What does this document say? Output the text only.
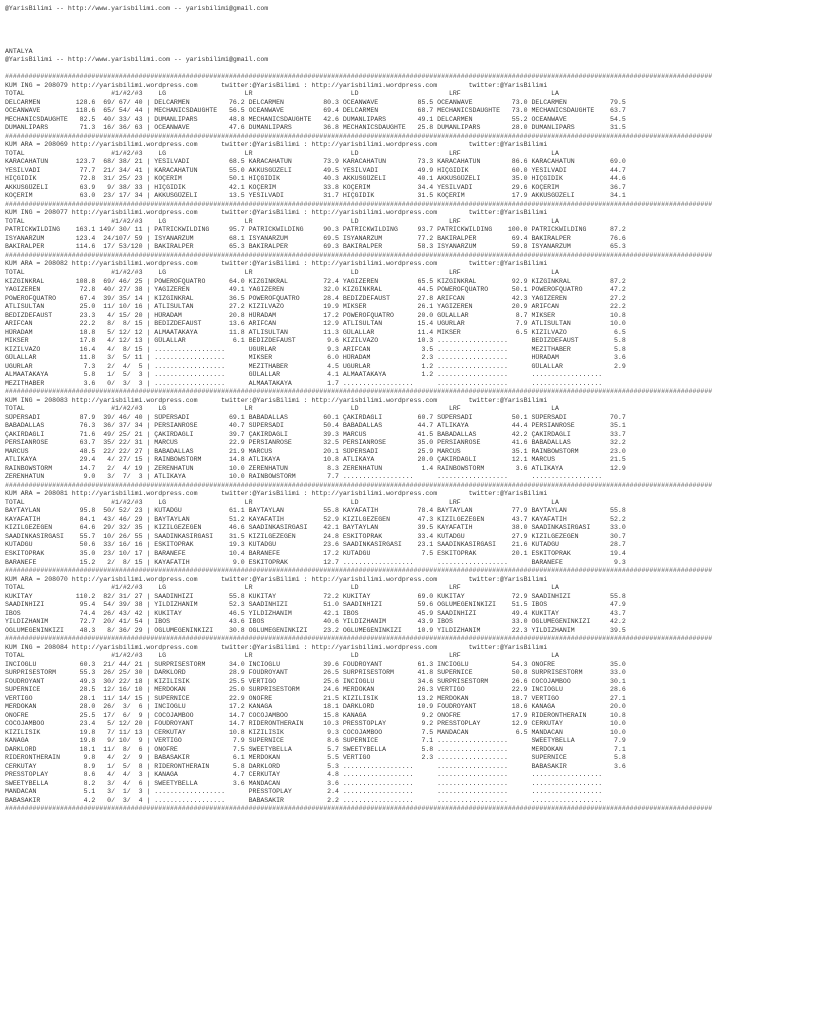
@YarisBilimi -- http://www.yarisbilimi.com -- yarisbilimi@gmail.com
ANTALYA
@YarisBilimi -- http://www.yarisbilimi.com -- yarisbilimi@gmail.com
####################################################################################################################################################################################
KUM ING = 208079 http://yarisbilimi.wordpress.com      twitter:@YarisBilimi : http://yarisbilimi.wordpress.com        twitter:@YarisBilimi
TOTAL                      #1/#2/#3    LG                    LR                         LD                       LRF                       LA
DELCARMEN         128.6  69/ 67/ 40 | DELCARMEN          76.2 DELCARMEN          80.3 OCEANWAVE          85.5 OCEANWAVE          73.0 DELCARMEN           79.5
OCEANWAVE         118.6  65/ 54/ 44 | MECHANICSDAUGHTE   56.5 OCEANWAVE          69.4 DELCARMEN          68.7 MECHANICSDAUGHTE   73.0 MECHANICSDAUGHTE    63.7
MECHANICSDAUGHTE   82.5  40/ 33/ 43 | DUMANLIPARS        48.8 MECHANICSDAUGHTE   42.6 DUMANLIPARS        49.1 DELCARMEN          55.2 OCEANWAVE           54.5
DUMANLIPARS        71.3  16/ 36/ 63 | OCEANWAVE          47.6 DUMANLIPARS        36.8 MECHANICSDAUGHTE   25.8 DUMANLIPARS        28.0 DUMANLIPARS         31.5
####################################################################################################################################################################################
KUM ARA = 208069 http://yarisbilimi.wordpress.com      twitter:@YarisBilimi : http://yarisbilimi.wordpress.com        twitter:@YarisBilimi
TOTAL                      #1/#2/#3    LG                    LR                         LD                       LRF                       LA
KARACAHATUN       123.7  68/ 38/ 21 | YESILVADI          68.5 KARACAHATUN        73.9 KARACAHATUN        73.3 KARACAHATUN        86.6 KARACAHATUN         69.0
YESILVADI          77.7  21/ 34/ 41 | KARACAHATUN        55.0 AKKUSGÜZELI        49.5 YESILVADI          49.9 HIÇGIDIK           60.0 YESILVADI           44.7
HIÇGIDIK           72.8  31/ 25/ 23 | KOÇERIM            50.1 HIÇGIDIK           40.3 AKKUSGÜZELI        40.1 AKKUSGÜZELI        35.0 HIÇGIDIK            44.6
AKKUSGÜZELI        63.9   9/ 38/ 33 | HIÇGIDIK           42.1 KOÇERIM            33.8 KOÇERIM            34.4 YESILVADI          29.6 KOÇERIM             36.7
KOÇERIM            63.0  23/ 17/ 34 | AKKUSGÜZELI        13.5 YESILVADI          31.7 HIÇGIDIK           31.5 KOÇERIM            17.9 AKKUSGÜZELI         34.1
####################################################################################################################################################################################
KUM ING = 208077 http://yarisbilimi.wordpress.com      twitter:@YarisBilimi : http://yarisbilimi.wordpress.com        twitter:@YarisBilimi
TOTAL                      #1/#2/#3    LG                    LR                         LD                       LRF                       LA
PATRICKWILDING    163.1 149/ 30/ 11 | PATRICKWILDING     95.7 PATRICKWILDING     90.3 PATRICKWILDING     93.7 PATRICKWILDING    100.0 PATRICKWILDING      87.2
ISYANARZUM        123.4  24/107/ 59 | ISYANARZUM         68.1 ISYANARZUM         69.5 ISYANARZUM         77.2 BAKIRALPER         69.4 BAKIRALPER          76.6
BAKIRALPER        114.6  17/ 53/120 | BAKIRALPER         65.3 BAKIRALPER         69.3 BAKIRALPER         58.3 ISYANARZUM         59.8 ISYANARZUM          65.3
####################################################################################################################################################################################
KUM ARA = 208082 http://yarisbilimi.wordpress.com      twitter:@YarisBilimi : http://yarisbilimi.wordpress.com        twitter:@YarisBilimi
TOTAL                      #1/#2/#3    LG                    LR                         LD                       LRF                       LA
KIZGINKRAL        108.8  69/ 46/ 25 | POWEROFQUATRO      64.0 KIZGINKRAL         72.4 YAGIZEREN          65.5 KIZGINKRAL         92.9 KIZGINKRAL          87.2
YAGIZEREN          72.8  40/ 27/ 38 | YAGIZEREN          49.1 YAGIZEREN          32.0 KIZGINKRAL         44.5 POWEROFQUATRO      50.1 POWEROFQUATRO       47.2
POWEROFQUATRO      67.4  39/ 35/ 14 | KIZGINKRAL         36.5 POWEROFQUATRO      28.4 BEDIZDEFAUST       27.8 ARIFCAN            42.3 YAGIZEREN           27.2
ATLISULTAN         25.0  11/ 10/ 16 | ATLISULTAN         27.2 KIZILVAZO          19.9 MIKSER             26.1 YAGIZEREN          20.9 ARIFCAN             22.2
BEDIZDEFAUST       23.3   4/ 15/ 20 | HÜRADAM            20.8 HÜRADAM            17.2 POWEROFQUATRO      20.0 GÜLALLAR            8.7 MIKSER              10.8
ARIFCAN            22.2   8/  8/ 15 | BEDIZDEFAUST       13.6 ARIFCAN            12.9 ATLISULTAN         15.4 UGURLAR             7.9 ATLISULTAN          10.0
HÜRADAM            18.8   5/ 12/ 12 | ALMAATAKAYA        11.8 ATLISULTAN         11.3 GÜLALLAR           11.4 MIKSER              6.5 KIZILVAZO            6.5
MIKSER             17.8   4/ 12/ 13 | GÜLALLAR            6.1 BEDIZDEFAUST        9.6 KIZILVAZO          10.3 ..................      BEDIZDEFAUST         5.8
KIZILVAZO          16.4   4/  8/ 15 | ..................      UGURLAR             9.3 ARIFCAN             3.5 ..................      MEZITHABER           5.8
GÜLALLAR           11.8   3/  5/ 11 | ..................      MIKSER              6.0 HÜRADAM             2.3 ..................      HÜRADAM              3.6
UGURLAR             7.3   2/  4/  5 | ..................      MEZITHABER          4.5 UGURLAR             1.2 ..................      GÜLALLAR             2.9
ALMAATAKAYA         5.8   1/  5/  3 | ..................      GÜLALLAR            4.1 ALMAATAKAYA         1.2 ..................      ..................
MEZITHABER          3.6   0/  3/  3 | ..................      ALMAATAKAYA         1.7 ..................      ..................      ..................
####################################################################################################################################################################################
KUM ING = 208083 http://yarisbilimi.wordpress.com      twitter:@YarisBilimi : http://yarisbilimi.wordpress.com        twitter:@YarisBilimi
TOTAL                      #1/#2/#3    LG                    LR                         LD                       LRF                       LA
SÜPERSADI          87.9  39/ 46/ 40 | SÜPERSADI          69.1 BABADALLAS         60.1 ÇAKIRDAGLI         60.7 SÜPERSADI          50.1 SÜPERSADI           70.7
BABADALLAS         76.3  36/ 37/ 34 | PERSIANROSE        40.7 SÜPERSADI          50.4 BABADALLAS         44.7 ATLIKAYA           44.4 PERSIANROSE         35.1
ÇAKIRDAGLI         71.6  49/ 25/ 21 | ÇAKIRDAGLI         39.7 ÇAKIRDAGLI         39.3 MARCUS             41.5 BABADALLAS         42.2 ÇAKIRDAGLI          33.7
PERSIANROSE        63.7  35/ 22/ 31 | MARCUS             22.9 PERSIANROSE        32.5 PERSIANROSE        35.0 PERSIANROSE        41.6 BABADALLAS          32.2
MARCUS             48.5  22/ 22/ 27 | BABADALLAS         21.9 MARCUS             20.1 SÜPERSADI          25.9 MARCUS             35.1 RAINBOWSTORM        23.0
ATLIKAYA           29.4   4/ 27/ 15 | RAINBOWSTORM       14.8 ATLIKAYA           10.8 ATLIKAYA           20.0 ÇAKIRDAGLI         12.1 MARCUS              21.5
RAINBOWSTORM       14.7   2/  4/ 19 | ZERENHATUN         10.0 ZERENHATUN          8.3 ZERENHATUN          1.4 RAINBOWSTORM        3.6 ATLIKAYA            12.9
ZERENHATUN          9.0   3/  7/  3 | ATLIKAYA           10.0 RAINBOWSTORM        7.7 ..................      ..................      ..................
####################################################################################################################################################################################
KUM ARA = 208081 http://yarisbilimi.wordpress.com      twitter:@YarisBilimi : http://yarisbilimi.wordpress.com        twitter:@YarisBilimi
TOTAL                      #1/#2/#3    LG                    LR                         LD                       LRF                       LA
BAYTAYLAN          95.8  50/ 52/ 23 | KUTADGU            61.1 BAYTAYLAN          55.8 KAYAFATIH          78.4 BAYTAYLAN          77.9 BAYTAYLAN           55.8
KAYAFATIH          84.1  43/ 46/ 29 | BAYTAYLAN          51.2 KAYAFATIH          52.9 KIZILGEZEGEN       47.3 KIZILGEZEGEN       43.7 KAYAFATIH           52.2
KIZILGEZEGEN       64.6  29/ 32/ 35 | KIZILGEZEGEN       46.6 SAADINKASIRGASI    42.1 BAYTAYLAN          39.5 KAYAFATIH          38.0 SAADINKASIRGASI     33.0
SAADINKASIRGASI    55.7  10/ 26/ 55 | SAADINKASIRGASI    31.5 KIZILGEZEGEN       24.8 ESKITOPRAK         33.4 KUTADGU            27.9 KIZILGEZEGEN        30.7
KUTADGU            50.6  33/ 16/ 16 | ESKITOPRAK         19.3 KUTADGU            23.6 SAADINKASIRGASI    23.1 SAADINKASIRGASI    21.6 KUTADGU             28.7
ESKITOPRAK         35.0  23/ 10/ 17 | BARANEFE           10.4 BARANEFE           17.2 KUTADGU             7.5 ESKITOPRAK         20.1 ESKITOPRAK          19.4
BARANEFE           15.2   2/  8/ 15 | KAYAFATIH           9.0 ESKITOPRAK         12.7 ..................      ..................      BARANEFE             9.3
####################################################################################################################################################################################
KUM ARA = 208070 http://yarisbilimi.wordpress.com      twitter:@YarisBilimi : http://yarisbilimi.wordpress.com        twitter:@YarisBilimi
TOTAL                      #1/#2/#3    LG                    LR                         LD                       LRF                       LA
KUKITAY           110.2  82/ 31/ 27 | SAADINHIZI         55.8 KUKITAY            72.2 KUKITAY            69.0 KUKITAY            72.9 SAADINHIZI          55.8
SAADINHIZI         95.4  54/ 39/ 38 | YILDIZHANIM        52.3 SAADINHIZI         51.0 SAADINHIZI         59.6 OGLUMEGENINKIZI    51.5 IBOS                47.9
IBOS               74.4  26/ 43/ 42 | KUKITAY            46.5 YILDIZHANIM        42.1 IBOS               45.9 SAADINHIZI         49.4 KUKITAY             43.7
YILDIZHANIM        72.7  20/ 41/ 54 | IBOS               43.6 IBOS               40.6 YILDIZHANIM        43.9 IBOS               33.0 OGLUMEGENINKIZI     42.2
OGLUMEGENINKIZI    48.3   8/ 36/ 29 | OGLUMEGENINKIZI    30.8 OGLUMEGENINKIZI    23.2 OGLUMEGENINKIZI    10.9 YILDIZHANIM        22.3 YILDIZHANIM         39.5
####################################################################################################################################################################################
KUM ING = 208084 http://yarisbilimi.wordpress.com      twitter:@YarisBilimi : http://yarisbilimi.wordpress.com        twitter:@YarisBilimi
TOTAL                      #1/#2/#3    LG                    LR                         LD                       LRF                       LA
INCIOGLU           60.3  21/ 44/ 21 | SURPRISESTORM      34.0 INCIOGLU           39.6 FOUDROYANT         61.3 INCIOGLU           54.3 ONOFRE              35.0
SURPRISESTORM      55.3  26/ 25/ 30 | DARKLORD           28.9 FOUDROYANT         26.5 SURPRISESTORM      41.8 SUPERNICE          50.8 SURPRISESTORM       33.0
FOUDROYANT         49.3  30/ 22/ 18 | KIZILISIK          25.5 VERTIGO            25.6 INCIOGLU           34.6 SURPRISESTORM      26.6 COCOJAMBOO          30.1
SUPERNICE          28.5  12/ 16/ 10 | MERDOKAN           25.0 SURPRISESTORM      24.6 MERDOKAN           26.3 VERTIGO            22.9 INCIOGLU            28.6
VERTIGO            28.1  11/ 14/ 15 | SUPERNICE          22.9 ONOFRE             21.5 KIZILISIK          13.2 MERDOKAN           18.7 VERTIGO             27.1
MERDOKAN           28.0  26/  3/  6 | INCIOGLU           17.2 KANAGA             18.1 DARKLORD           10.9 FOUDROYANT         18.6 KANAGA              20.0
ONOFRE             25.5  17/  6/  9 | COCOJAMBOO         14.7 COCOJAMBOO         15.8 KANAGA              9.2 ONOFRE             17.9 RIDERONTHERAIN      10.8
COCOJAMBOO         23.4   5/ 12/ 20 | FOUDROYANT         14.7 RIDERONTHERAIN     10.3 PRESSTOPLAY         9.2 PRESSTOPLAY        12.9 CERKUTAY            10.0
KIZILISIK          19.8   7/ 11/ 13 | CERKUTAY           10.8 KIZILISIK           9.3 COCOJAMBOO          7.5 MANDACAN            6.5 MANDACAN            10.0
KANAGA             19.8   9/ 10/  9 | VERTIGO             7.9 SUPERNICE           8.6 SUPERNICE           7.1 ..................      SWEETYBELLA          7.9
DARKLORD           18.1  11/  8/  6 | ONOFRE              7.5 SWEETYBELLA         5.7 SWEETYBELLA         5.8 ..................      MERDOKAN             7.1
RIDERONTHERAIN      9.8   4/  2/  9 | BABASAKIR           6.1 MERDOKAN            5.5 VERTIGO             2.3 ..................      SUPERNICE            5.8
CERKUTAY            8.9   1/  5/  8 | RIDERONTHERAIN      5.8 DARKLORD            5.3 ..................      ..................      BABASAKIR            3.6
PRESSTOPLAY         8.6   4/  4/  3 | KANAGA              4.7 CERKUTAY            4.8 ..................      ..................      ..................
SWEETYBELLA         8.2   3/  4/  6 | SWEETYBELLA         3.6 MANDACAN            3.6 ..................      ..................      ..................
MANDACAN            5.1   3/  1/  3 | ..................      PRESSTOPLAY         2.4 ..................      ..................      ..................
BABASAKIR           4.2   0/  3/  4 | ..................      BABASAKIR           2.2 ..................      ..................      ..................
####################################################################################################################################################################################
